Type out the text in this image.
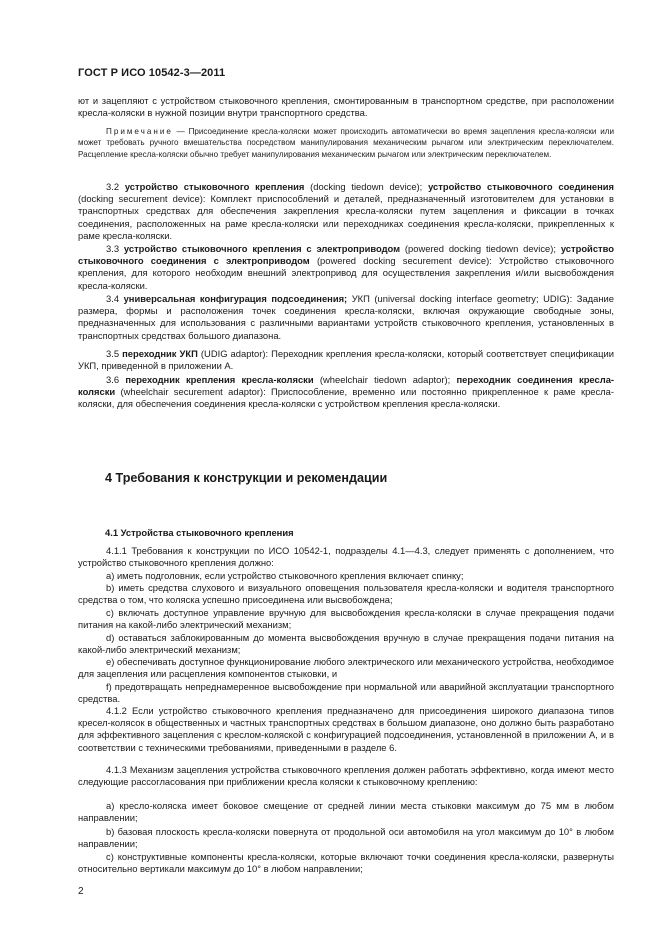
ГОСТ Р ИСО 10542-3—2011

ют и зацепляют с устройством стыковочного крепления, смонтированным в транспортном средстве, при расположении кресла-коляски в нужной позиции внутри транспортного средства.

Примечание — Присоединение кресла-коляски может происходить автоматически во время зацепления кресла-коляски или может требовать ручного вмешательства посредством манипулирования механическим рычагом или электрическим переключателем. Расцепление кресла-коляски обычно требует манипулирования механическим рычагом или электрическим переключателем.

3.2 устройство стыковочного крепления (docking tiedown device); устройство стыковочного соединения (docking securement device): Комплект приспособлений и деталей, предназначенный изготовителем для установки в транспортных средствах для обеспечения закрепления кресла-коляски путем зацепления и фиксации в точках соединения, расположенных на раме кресла-коляски или переходниках соединения кресла-коляски, прикрепленных к раме кресла-коляски.

3.3 устройство стыковочного крепления с электроприводом (powered docking tiedown device); устройство стыковочного соединения с электроприводом (powered docking securement device): Устройство стыковочного крепления, для которого необходим внешний электропривод для осуществления закрепления и/или высвобождения кресла-коляски.

3.4 универсальная конфигурация подсоединения; УКП (universal docking interface geometry; UDIG): Задание размера, формы и расположения точек соединения кресла-коляски, включая окружающие свободные зоны, предназначенных для использования с различными вариантами устройств стыковочного крепления, установленных в транспортных средствах большого диапазона.

3.5 переходник УКП (UDIG adaptor): Переходник крепления кресла-коляски, который соответствует спецификации УКП, приведенной в приложении А.

3.6 переходник крепления кресла-коляски (wheelchair tiedown adaptor); переходник соединения кресла-коляски (wheelchair securement adaptor): Приспособление, временно или постоянно прикрепленное к раме кресла-коляски, для обеспечения соединения кресла-коляски с устройством крепления кресла-коляски.

4 Требования к конструкции и рекомендации
4.1 Устройства стыковочного крепления

4.1.1 Требования к конструкции по ИСО 10542-1, подразделы 4.1—4.3, следует применять с дополнением, что устройство стыковочного крепления должно:

a) иметь подголовник, если устройство стыковочного крепления включает спинку;

b) иметь средства слухового и визуального оповещения пользователя кресла-коляски и водителя транспортного средства о том, что коляска успешно присоединена или высвобождена;

c) включать доступное управление вручную для высвобождения кресла-коляски в случае прекращения подачи питания на какой-либо электрический механизм;

d) оставаться заблокированным до момента высвобождения вручную в случае прекращения подачи питания на какой-либо электрический механизм;

e) обеспечивать доступное функционирование любого электрического или механического устройства, необходимое для зацепления или расцепления компонентов стыковки, и

f) предотвращать непреднамеренное высвобождение при нормальной или аварийной эксплуатации транспортного средства.

4.1.2 Если устройство стыковочного крепления предназначено для присоединения широкого диапазона типов кресел-колясок в общественных и частных транспортных средствах в большом диапазоне, оно должно быть разработано для эффективного зацепления с креслом-коляской с конфигурацией подсоединения, установленной в приложении А, и в соответствии с техническими требованиями, приведенными в разделе 6.

4.1.3 Механизм зацепления устройства стыковочного крепления должен работать эффективно, когда имеют место следующие рассогласования при приближении кресла коляски к стыковочному креплению:

a) кресло-коляска имеет боковое смещение от средней линии места стыковки максимум до 75 мм в любом направлении;

b) базовая плоскость кресла-коляски повернута от продольной оси автомобиля на угол максимум до 10° в любом направлении;

c) конструктивные компоненты кресла-коляски, которые включают точки соединения кресла-коляски, развернуты относительно вертикали максимум до 10° в любом направлении;

2
